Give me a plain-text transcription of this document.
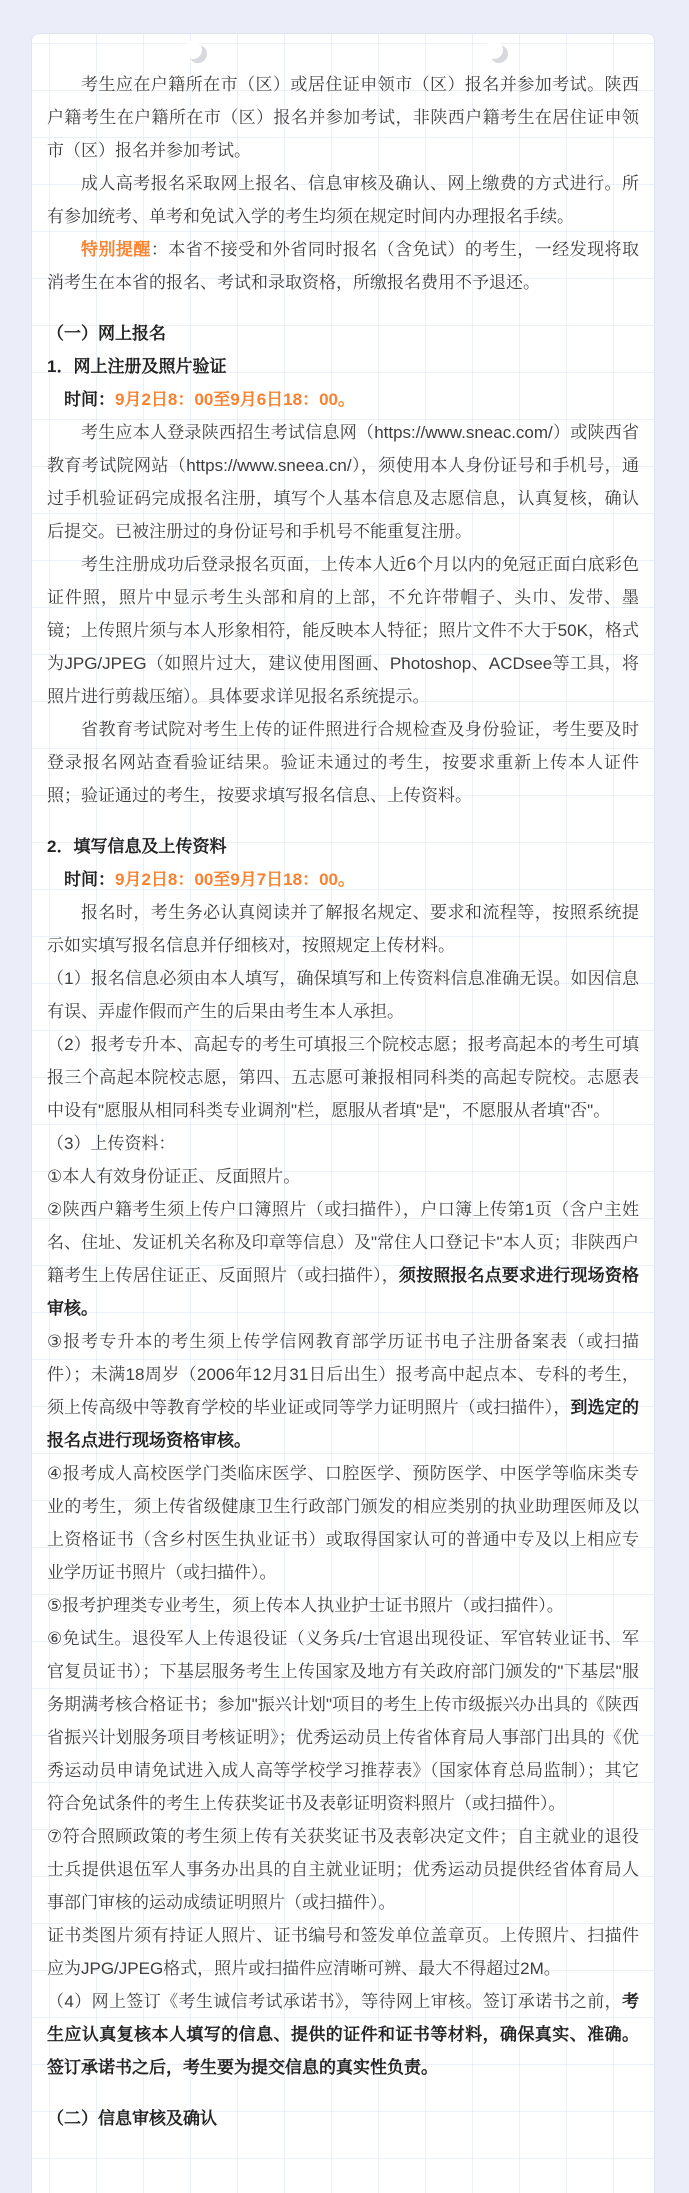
考生应在户籍所在市（区）或居住证申领市（区）报名并参加考试。陕西户籍考生在户籍所在市（区）报名并参加考试，非陕西户籍考生在居住证申领市（区）报名并参加考试。

成人高考报名采取网上报名、信息审核及确认、网上缴费的方式进行。所有参加统考、单考和免试入学的考生均须在规定时间内办理报名手续。

特别提醒：本省不接受和外省同时报名（含免试）的考生，一经发现将取消考生在本省的报名、考试和录取资格，所缴报名费用不予退还。

（一）网上报名

1．网上注册及照片验证

时间：9月2日8：00至9月6日18：00。

考生应本人登录陕西招生考试信息网（https://www.sneac.com/）或陕西省教育考试院网站（https://www.sneea.cn/），须使用本人身份证号和手机号，通过手机验证码完成报名注册，填写个人基本信息及志愿信息，认真复核，确认后提交。已被注册过的身份证号和手机号不能重复注册。

考生注册成功后登录报名页面，上传本人近6个月以内的免冠正面白底彩色证件照，照片中显示考生头部和肩的上部，不允许带帽子、头巾、发带、墨镜；上传照片须与本人形象相符，能反映本人特征；照片文件不大于50K，格式为JPG/JPEG（如照片过大，建议使用图画、Photoshop、ACDsee等工具，将照片进行剪裁压缩）。具体要求详见报名系统提示。

省教育考试院对考生上传的证件照进行合规检查及身份验证，考生要及时登录报名网站查看验证结果。验证未通过的考生，按要求重新上传本人证件照；验证通过的考生，按要求填写报名信息、上传资料。

2．填写信息及上传资料

时间：9月2日8：00至9月7日18：00。

报名时，考生务必认真阅读并了解报名规定、要求和流程等，按照系统提示如实填写报名信息并仔细核对，按照规定上传材料。

（1）报名信息必须由本人填写，确保填写和上传资料信息准确无误。如因信息有误、弄虚作假而产生的后果由考生本人承担。

（2）报考专升本、高起专的考生可填报三个院校志愿；报考高起本的考生可填报三个高起本院校志愿，第四、五志愿可兼报相同科类的高起专院校。志愿表中设有"愿服从相同科类专业调剂"栏，愿服从者填"是"，不愿服从者填"否"。

（3）上传资料：

①本人有效身份证正、反面照片。

②陕西户籍考生须上传户口簿照片（或扫描件），户口簿上传第1页（含户主姓名、住址、发证机关名称及印章等信息）及"常住人口登记卡"本人页；非陕西户籍考生上传居住证正、反面照片（或扫描件），须按照报名点要求进行现场资格审核。

③报考专升本的考生须上传学信网教育部学历证书电子注册备案表（或扫描件）；未满18周岁（2006年12月31日后出生）报考高中起点本、专科的考生，须上传高级中等教育学校的毕业证或同等学力证明照片（或扫描件），到选定的报名点进行现场资格审核。

④报考成人高校医学门类临床医学、口腔医学、预防医学、中医学等临床类专业的考生，须上传省级健康卫生行政部门颁发的相应类别的执业助理医师及以上资格证书（含乡村医生执业证书）或取得国家认可的普通中专及以上相应专业学历证书照片（或扫描件）。

⑤报考护理类专业考生，须上传本人执业护士证书照片（或扫描件）。

⑥免试生。退役军人上传退役证（义务兵/士官退出现役证、军官转业证书、军官复员证书）；下基层服务考生上传国家及地方有关政府部门颁发的"下基层"服务期满考核合格证书；参加"振兴计划"项目的考生上传市级振兴办出具的《陕西省振兴计划服务项目考核证明》；优秀运动员上传省体育局人事部门出具的《优秀运动员申请免试进入成人高等学校学习推荐表》（国家体育总局监制）；其它符合免试条件的考生上传获奖证书及表彰证明资料照片（或扫描件）。

⑦符合照顾政策的考生须上传有关获奖证书及表彰决定文件；自主就业的退役士兵提供退伍军人事务办出具的自主就业证明；优秀运动员提供经省体育局人事部门审核的运动成绩证明照片（或扫描件）。

证书类图片须有持证人照片、证书编号和签发单位盖章页。上传照片、扫描件应为JPG/JPEG格式，照片或扫描件应清晰可辨、最大不得超过2M。

（4）网上签订《考生诚信考试承诺书》，等待网上审核。签订承诺书之前，考生应认真复核本人填写的信息、提供的证件和证书等材料，确保真实、准确。签订承诺书之后，考生要为提交信息的真实性负责。

（二）信息审核及确认
